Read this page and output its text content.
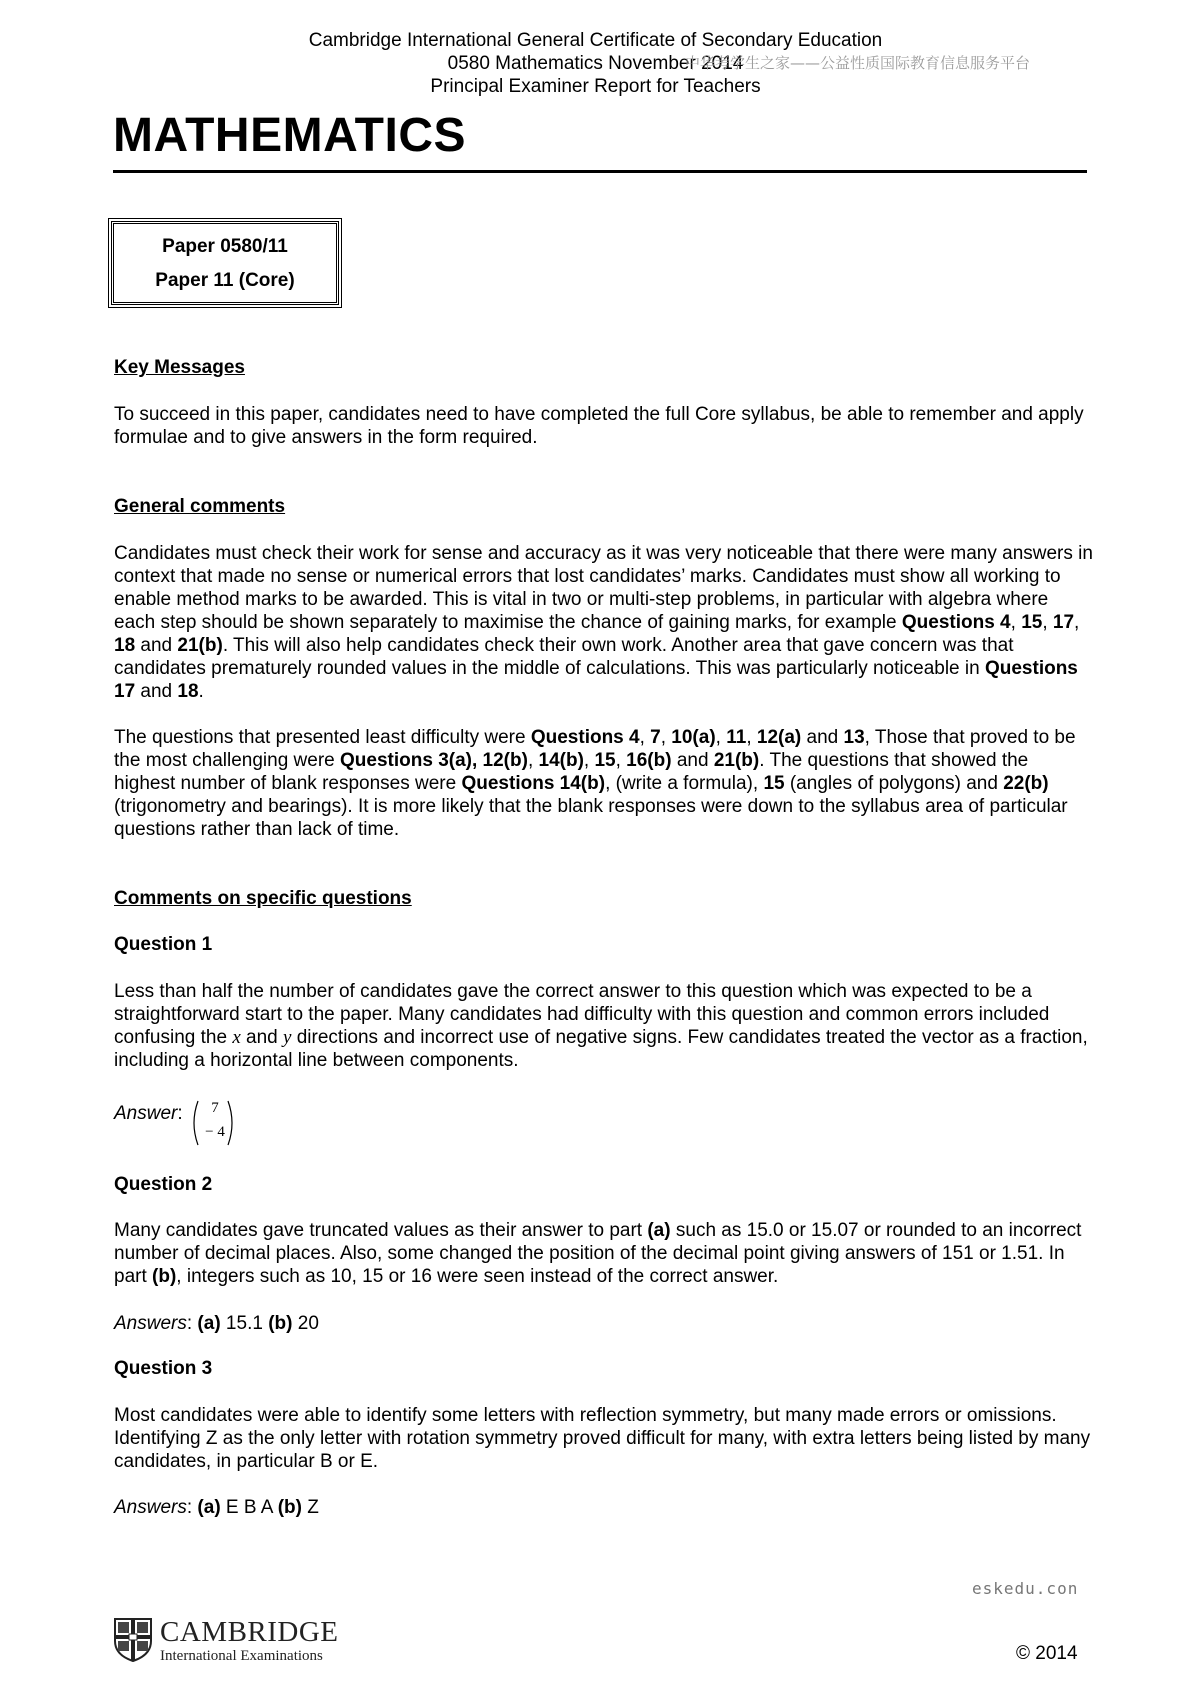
Cambridge International General Certificate of Secondary Education
0580 Mathematics November 2014
Principal Examiner Report for Teachers
中华考学生之家——公益性质国际教育信息服务平台
MATHEMATICS
Paper 0580/11
Paper 11 (Core)
Key Messages
To succeed in this paper, candidates need to have completed the full Core syllabus, be able to remember and apply formulae and to give answers in the form required.
General comments
Candidates must check their work for sense and accuracy as it was very noticeable that there were many answers in context that made no sense or numerical errors that lost candidates’ marks. Candidates must show all working to enable method marks to be awarded. This is vital in two or multi-step problems, in particular with algebra where each step should be shown separately to maximise the chance of gaining marks, for example Questions 4, 15, 17, 18 and 21(b). This will also help candidates check their own work. Another area that gave concern was that candidates prematurely rounded values in the middle of calculations. This was particularly noticeable in Questions 17 and 18.
The questions that presented least difficulty were Questions 4, 7, 10(a), 11, 12(a) and 13, Those that proved to be the most challenging were Questions 3(a), 12(b), 14(b), 15, 16(b) and 21(b). The questions that showed the highest number of blank responses were Questions 14(b), (write a formula), 15 (angles of polygons) and 22(b) (trigonometry and bearings). It is more likely that the blank responses were down to the syllabus area of particular questions rather than lack of time.
Comments on specific questions
Question 1
Less than half the number of candidates gave the correct answer to this question which was expected to be a straightforward start to the paper. Many candidates had difficulty with this question and common errors included confusing the x and y directions and incorrect use of negative signs. Few candidates treated the vector as a fraction, including a horizontal line between components.
Answer:	7
− 4
Question 2
Many candidates gave truncated values as their answer to part (a) such as 15.0 or 15.07 or rounded to an incorrect number of decimal places. Also, some changed the position of the decimal point giving answers of 151 or 1.51. In part (b), integers such as 10, 15 or 16 were seen instead of the correct answer.
Answers: (a) 15.1 (b) 20
Question 3
Most candidates were able to identify some letters with reflection symmetry, but many made errors or omissions. Identifying Z as the only letter with rotation symmetry proved difficult for many, with extra letters being listed by many candidates, in particular B or E.
Answers: (a) E B A (b) Z
eskedu.con
CAMBRIDGE
International Examinations	© 2014
